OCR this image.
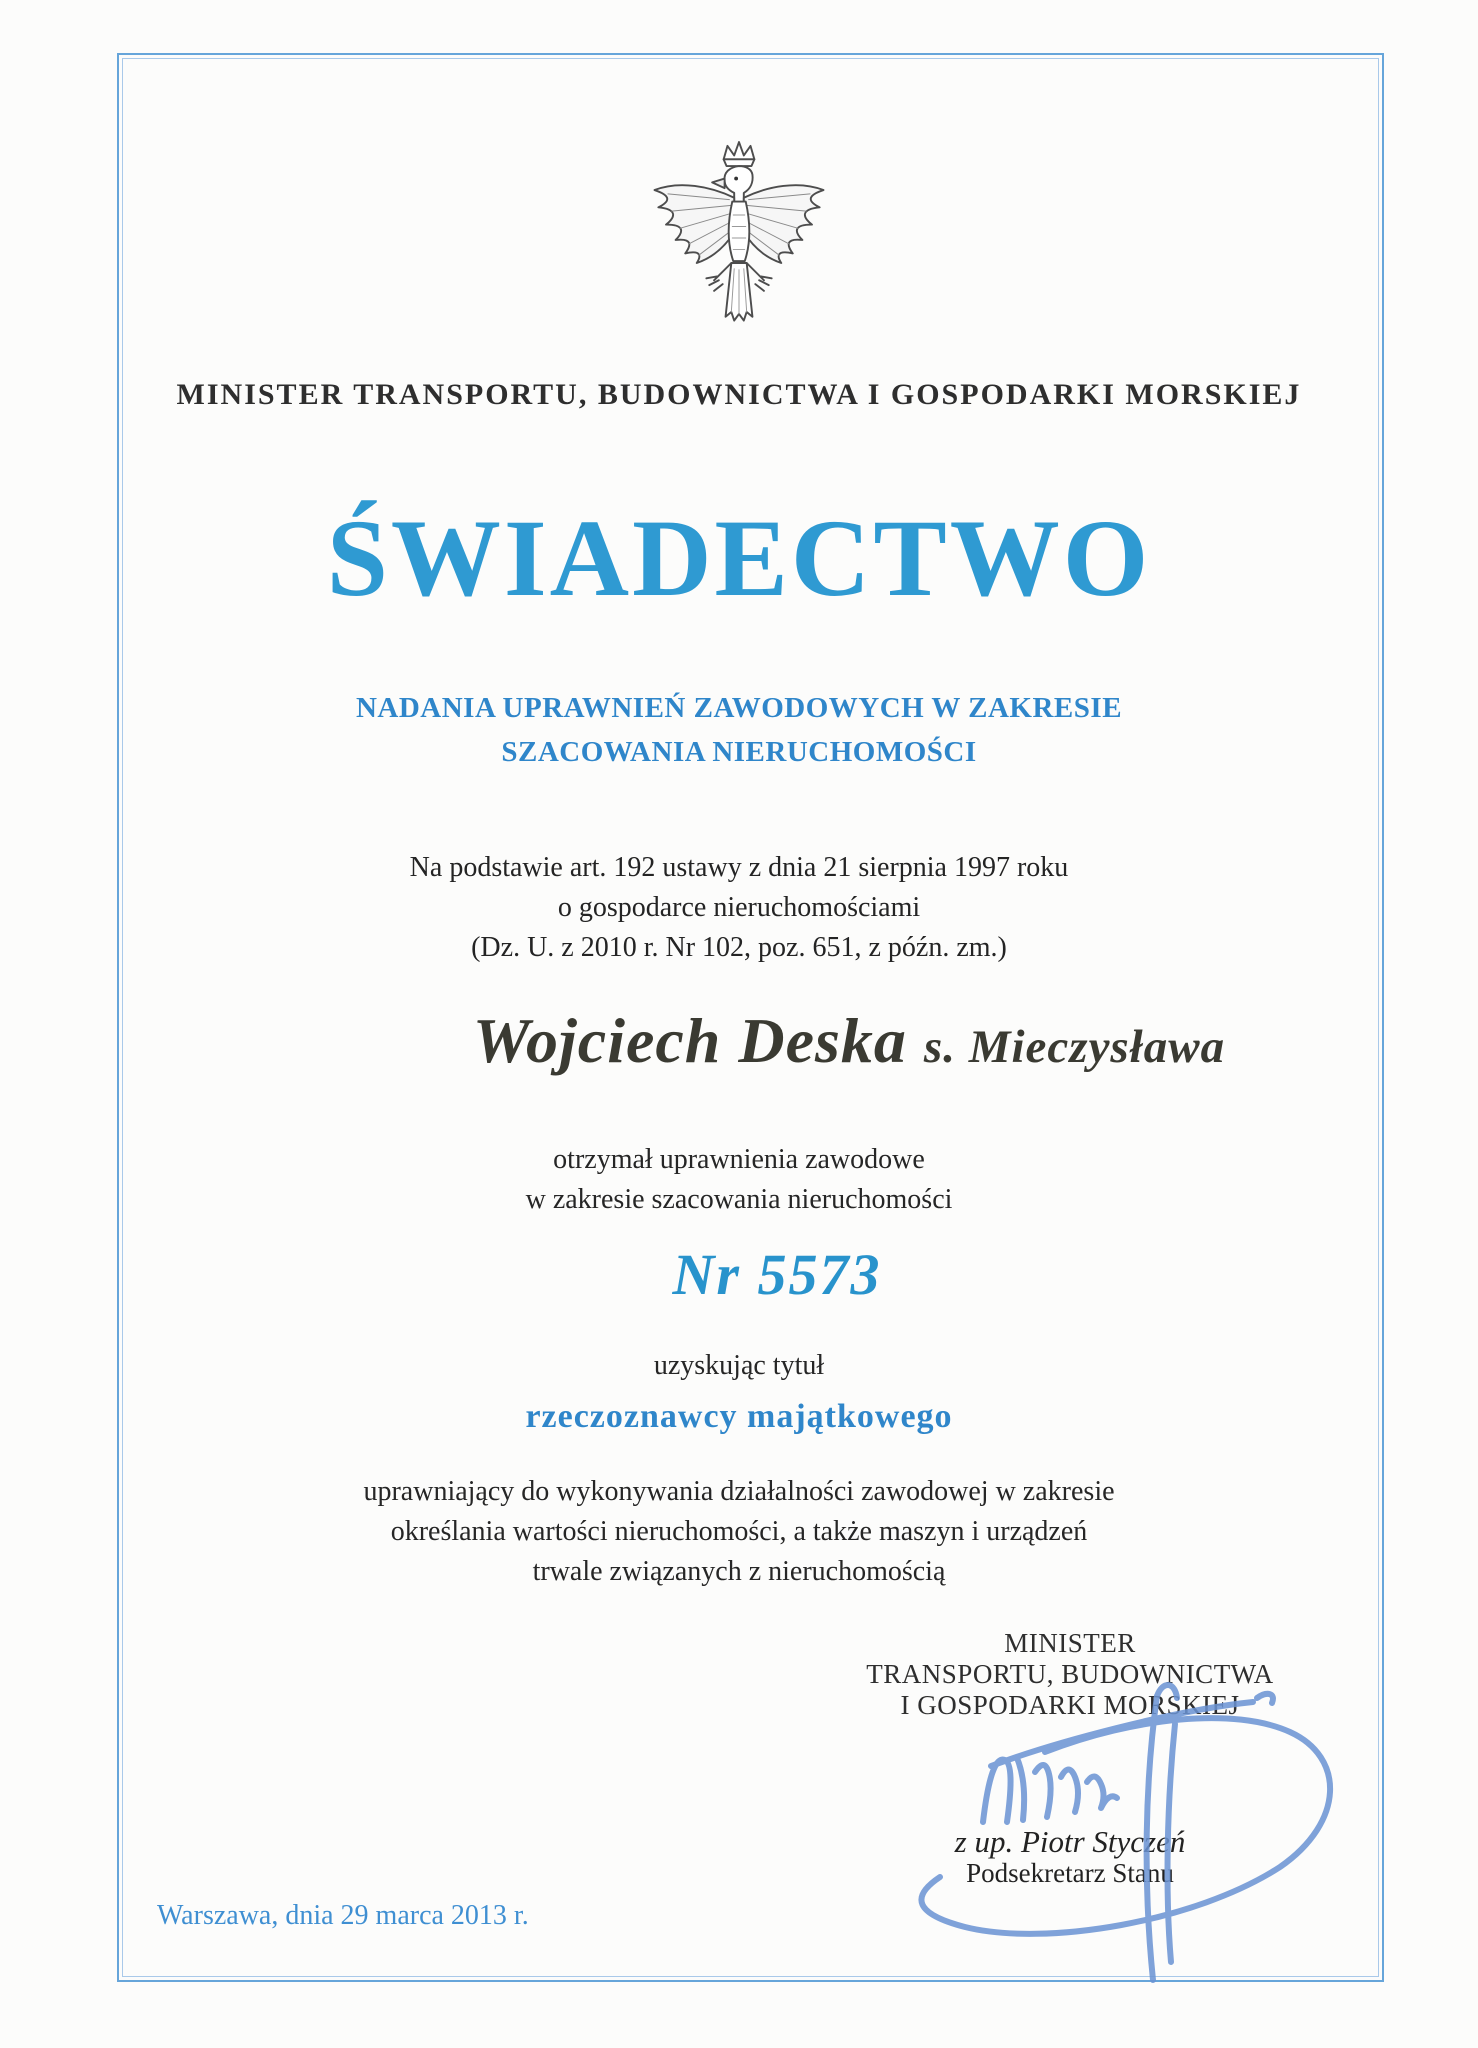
MINISTER TRANSPORTU, BUDOWNICTWA I GOSPODARKI MORSKIEJ
ŚWIADECTWO
NADANIA UPRAWNIEŃ ZAWODOWYCH W ZAKRESIE
SZACOWANIA NIERUCHOMOŚCI
Na podstawie art. 192 ustawy z dnia 21 sierpnia 1997 roku
o gospodarce nieruchomościami
(Dz. U. z 2010 r. Nr 102, poz. 651, z późn. zm.)
Wojciech Deska s. Mieczysława
otrzymał uprawnienia zawodowe
w zakresie szacowania nieruchomości
Nr 5573
uzyskując tytuł
rzeczoznawcy majątkowego
uprawniający do wykonywania działalności zawodowej w zakresie
określania wartości nieruchomości, a także maszyn i urządzeń
trwale związanych z nieruchomością
MINISTER
TRANSPORTU, BUDOWNICTWA
I GOSPODARKI MORSKIEJ
z up. Piotr Styczeń
Podsekretarz Stanu
Warszawa, dnia 29 marca 2013 r.
